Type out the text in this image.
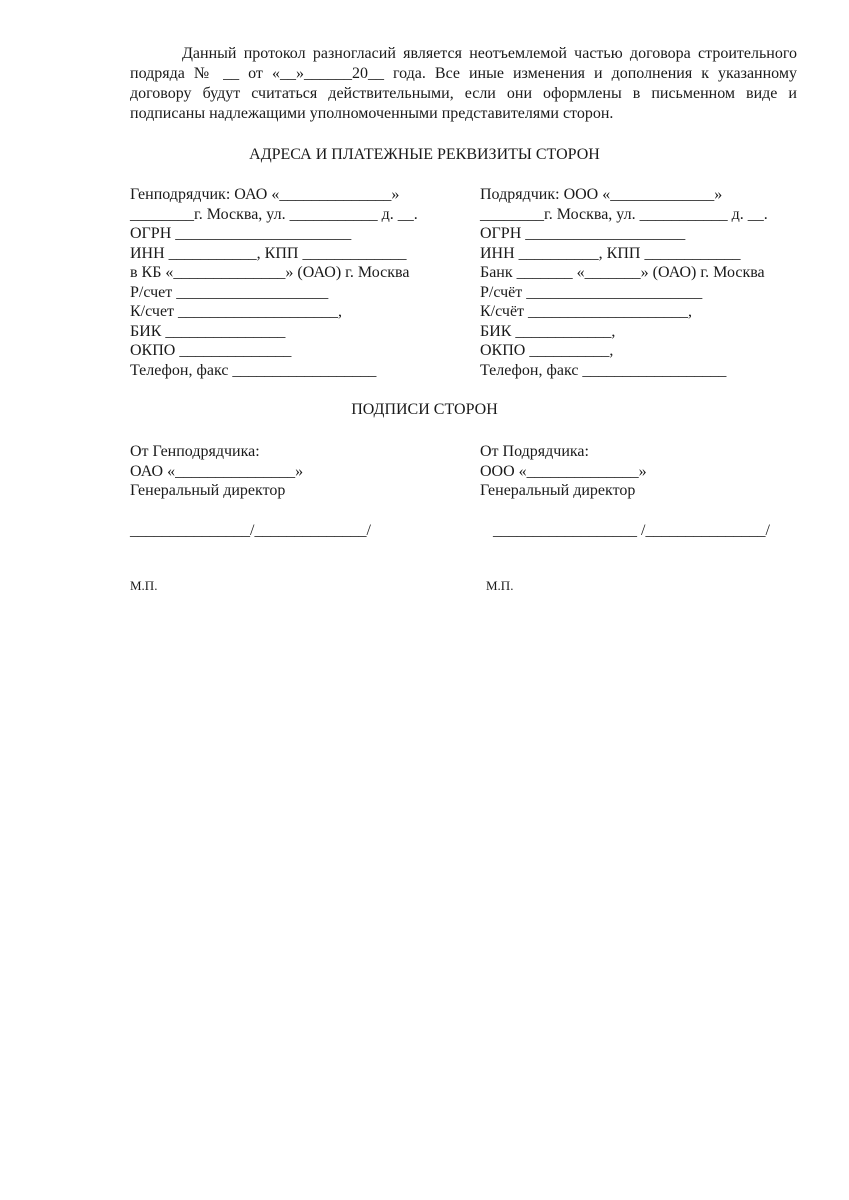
Данный протокол разногласий является неотъемлемой частью договора строительного подряда № __ от «__»______20__ года. Все иные изменения и дополнения к указанному договору будут считаться действительными, если они оформлены в письменном виде и подписаны надлежащими уполномоченными представителями сторон.

АДРЕСА И ПЛАТЕЖНЫЕ РЕКВИЗИТЫ СТОРОН

Генподрядчик: ОАО «______________»
________г. Москва, ул. ___________ д. __.
ОГРН ______________________
ИНН ___________, КПП _____________
в КБ «______________» (ОАО) г. Москва
Р/счет ___________________
К/счет ____________________,
БИК _______________
ОКПО ______________
Телефон, факс __________________
Подрядчик: ООО «_____________»
________г. Москва, ул. ___________ д. __.
ОГРН ____________________
ИНН __________, КПП ____________
Банк _______ «_______» (ОАО) г. Москва
Р/счёт ______________________
К/счёт ____________________,
БИК ____________,
ОКПО __________,
Телефон, факс __________________

ПОДПИСИ СТОРОН

От Генподрядчика:
ОАО «_______________»
Генеральный директор
От Подрядчика:
ООО «______________»
Генеральный директор
_______________/______________/	__________________ /_______________/
М.П.	М.П.
